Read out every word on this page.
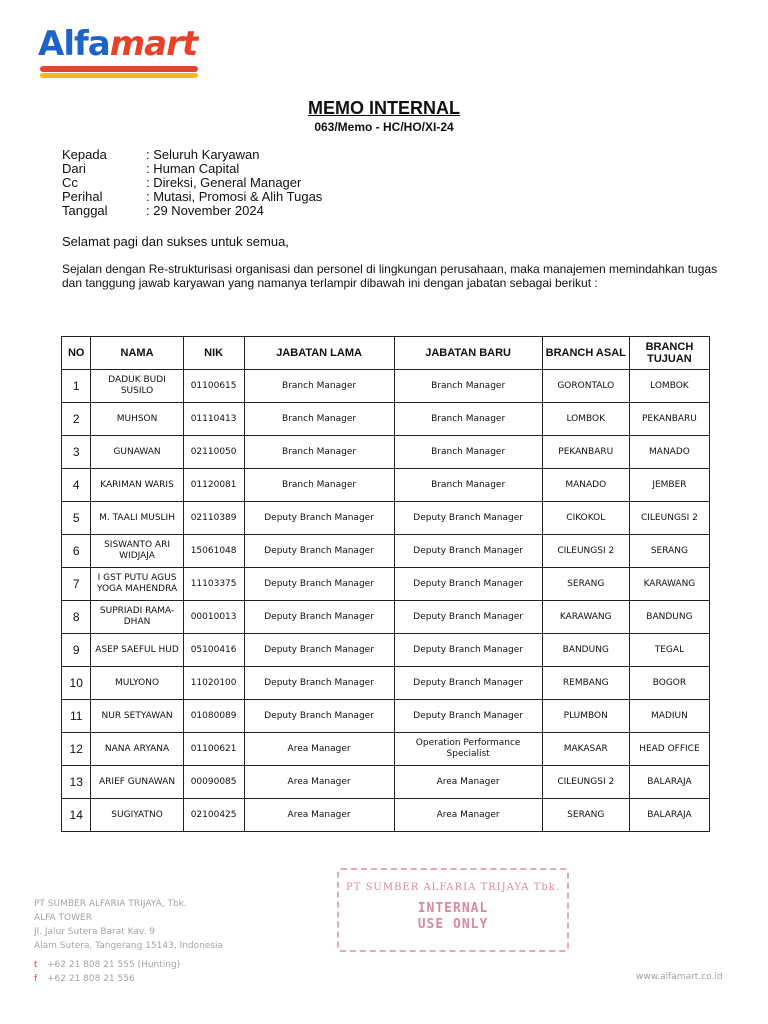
Alfamart
MEMO INTERNAL
063/Memo - HC/HO/XI-24
Kepada	: Seluruh Karyawan
Dari	: Human Capital
Cc	: Direksi, General Manager
Perihal	: Mutasi, Promosi & Alih Tugas
Tanggal	: 29 November 2024
Selamat pagi dan sukses untuk semua,
Sejalan dengan Re-strukturisasi organisasi dan personel di lingkungan perusahaan, maka manajemen memindahkan tugas dan tanggung jawab karyawan yang namanya terlampir dibawah ini dengan jabatan sebagai berikut :
NO	NAMA	NIK	JABATAN LAMA	JABATAN BARU	BRANCH ASAL	BRANCH TUJUAN
1	DADUK BUDI SUSILO	01100615	Branch Manager	Branch Manager	GORONTALO	LOMBOK
2	MUHSON	01110413	Branch Manager	Branch Manager	LOMBOK	PEKANBARU
3	GUNAWAN	02110050	Branch Manager	Branch Manager	PEKANBARU	MANADO
4	KARIMAN WARIS	01120081	Branch Manager	Branch Manager	MANADO	JEMBER
5	M. TAALI MUSLIH	02110389	Deputy Branch Manager	Deputy Branch Manager	CIKOKOL	CILEUNGSI 2
6	SISWANTO ARI WIDJAJA	15061048	Deputy Branch Manager	Deputy Branch Manager	CILEUNGSI 2	SERANG
7	I GST PUTU AGUS YOGA MAHENDRA	11103375	Deputy Branch Manager	Deputy Branch Manager	SERANG	KARAWANG
8	SUPRIADI RAMA-DHAN	00010013	Deputy Branch Manager	Deputy Branch Manager	KARAWANG	BANDUNG
9	ASEP SAEFUL HUD	05100416	Deputy Branch Manager	Deputy Branch Manager	BANDUNG	TEGAL
10	MULYONO	11020100	Deputy Branch Manager	Deputy Branch Manager	REMBANG	BOGOR
11	NUR SETYAWAN	01080089	Deputy Branch Manager	Deputy Branch Manager	PLUMBON	MADIUN
12	NANA ARYANA	01100621	Area Manager	Operation Performance Specialist	MAKASAR	HEAD OFFICE
13	ARIEF GUNAWAN	00090085	Area Manager	Area Manager	CILEUNGSI 2	BALARAJA
14	SUGIYATNO	02100425	Area Manager	Area Manager	SERANG	BALARAJA
PT SUMBER ALFARIA TRIJAYA Tbk.
INTERNAL
USE ONLY
PT SUMBER ALFARIA TRIJAYA, Tbk.
ALFA TOWER
Jl. Jalur Sutera Barat Kav. 9
Alam Sutera, Tangerang 15143, Indonesia
t +62 21 808 21 555 (Hunting)
f +62 21 808 21 556	www.alfamart.co.id
